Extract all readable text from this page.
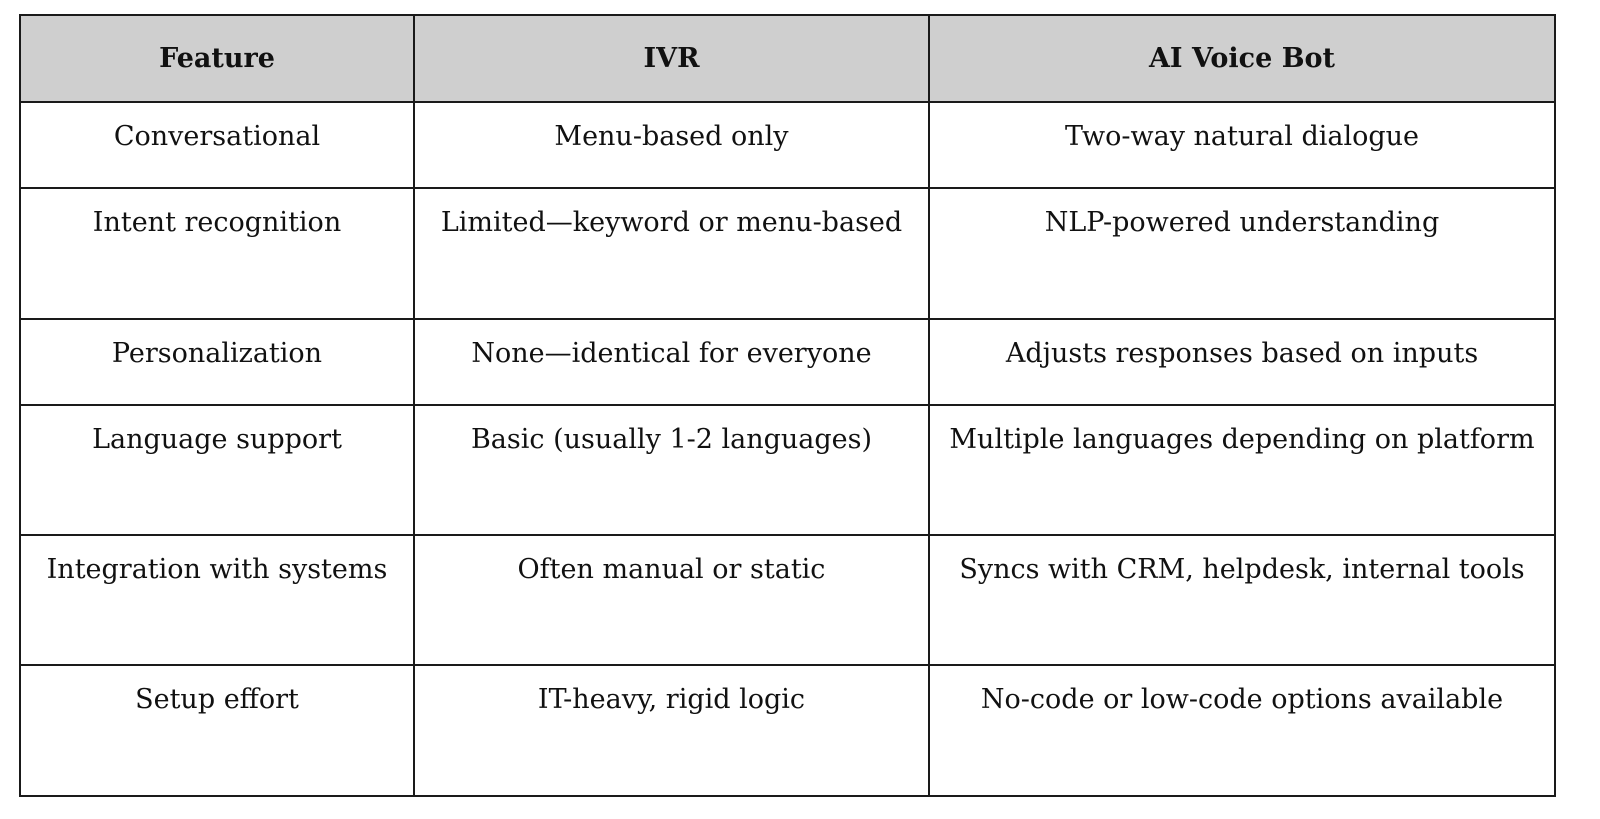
Feature	IVR	AI Voice Bot
Conversational	Menu-based only	Two-way natural dialogue
Intent recognition	Limited—keyword or menu-based	NLP-powered understanding
Personalization	None—identical for everyone	Adjusts responses based on inputs
Language support	Basic (usually 1-2 languages)	Multiple languages depending on platform
Integration with systems	Often manual or static	Syncs with CRM, helpdesk, internal tools
Setup effort	IT-heavy, rigid logic	No-code or low-code options available
